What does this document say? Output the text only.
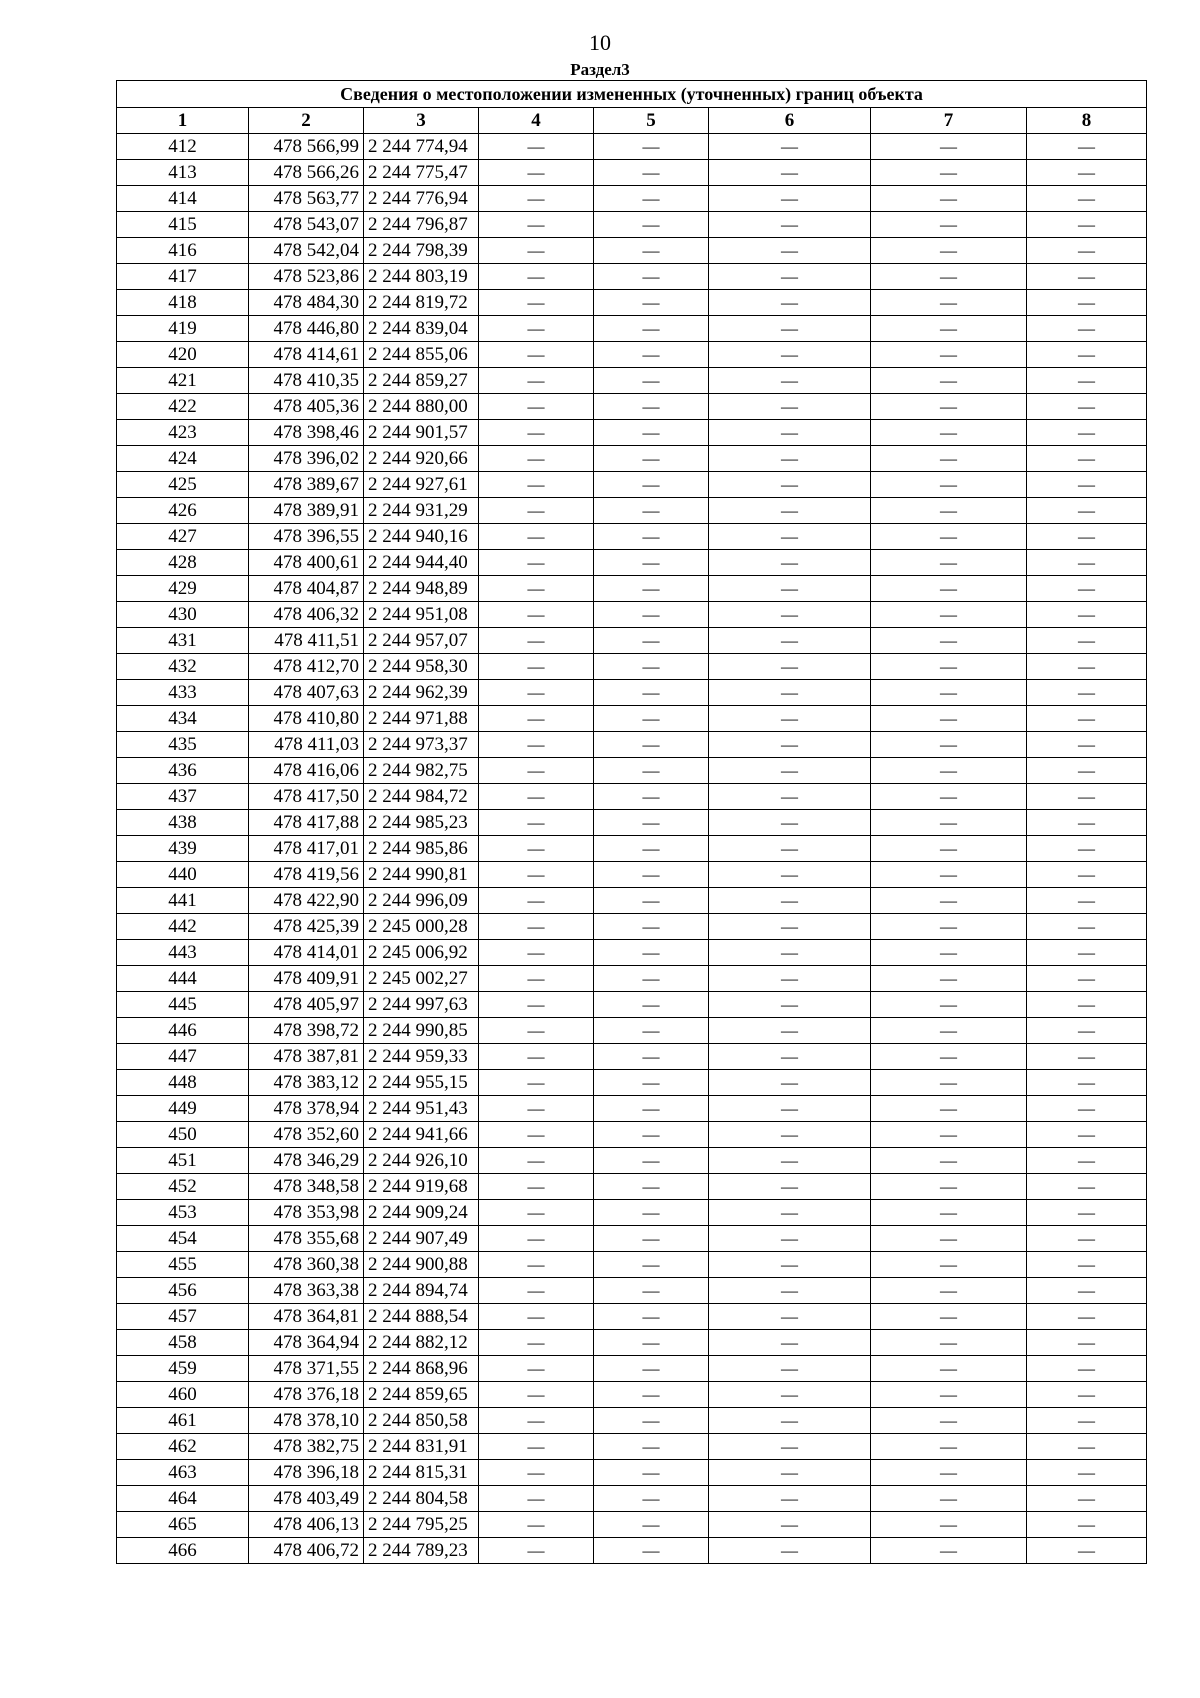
10
Раздел3
Сведения о местоположении измененных (уточненных) границ объекта							
1	2	3	4	5	6	7	8
412	478 566,99	2 244 774,94	—	—	—	—	—
413	478 566,26	2 244 775,47	—	—	—	—	—
414	478 563,77	2 244 776,94	—	—	—	—	—
415	478 543,07	2 244 796,87	—	—	—	—	—
416	478 542,04	2 244 798,39	—	—	—	—	—
417	478 523,86	2 244 803,19	—	—	—	—	—
418	478 484,30	2 244 819,72	—	—	—	—	—
419	478 446,80	2 244 839,04	—	—	—	—	—
420	478 414,61	2 244 855,06	—	—	—	—	—
421	478 410,35	2 244 859,27	—	—	—	—	—
422	478 405,36	2 244 880,00	—	—	—	—	—
423	478 398,46	2 244 901,57	—	—	—	—	—
424	478 396,02	2 244 920,66	—	—	—	—	—
425	478 389,67	2 244 927,61	—	—	—	—	—
426	478 389,91	2 244 931,29	—	—	—	—	—
427	478 396,55	2 244 940,16	—	—	—	—	—
428	478 400,61	2 244 944,40	—	—	—	—	—
429	478 404,87	2 244 948,89	—	—	—	—	—
430	478 406,32	2 244 951,08	—	—	—	—	—
431	478 411,51	2 244 957,07	—	—	—	—	—
432	478 412,70	2 244 958,30	—	—	—	—	—
433	478 407,63	2 244 962,39	—	—	—	—	—
434	478 410,80	2 244 971,88	—	—	—	—	—
435	478 411,03	2 244 973,37	—	—	—	—	—
436	478 416,06	2 244 982,75	—	—	—	—	—
437	478 417,50	2 244 984,72	—	—	—	—	—
438	478 417,88	2 244 985,23	—	—	—	—	—
439	478 417,01	2 244 985,86	—	—	—	—	—
440	478 419,56	2 244 990,81	—	—	—	—	—
441	478 422,90	2 244 996,09	—	—	—	—	—
442	478 425,39	2 245 000,28	—	—	—	—	—
443	478 414,01	2 245 006,92	—	—	—	—	—
444	478 409,91	2 245 002,27	—	—	—	—	—
445	478 405,97	2 244 997,63	—	—	—	—	—
446	478 398,72	2 244 990,85	—	—	—	—	—
447	478 387,81	2 244 959,33	—	—	—	—	—
448	478 383,12	2 244 955,15	—	—	—	—	—
449	478 378,94	2 244 951,43	—	—	—	—	—
450	478 352,60	2 244 941,66	—	—	—	—	—
451	478 346,29	2 244 926,10	—	—	—	—	—
452	478 348,58	2 244 919,68	—	—	—	—	—
453	478 353,98	2 244 909,24	—	—	—	—	—
454	478 355,68	2 244 907,49	—	—	—	—	—
455	478 360,38	2 244 900,88	—	—	—	—	—
456	478 363,38	2 244 894,74	—	—	—	—	—
457	478 364,81	2 244 888,54	—	—	—	—	—
458	478 364,94	2 244 882,12	—	—	—	—	—
459	478 371,55	2 244 868,96	—	—	—	—	—
460	478 376,18	2 244 859,65	—	—	—	—	—
461	478 378,10	2 244 850,58	—	—	—	—	—
462	478 382,75	2 244 831,91	—	—	—	—	—
463	478 396,18	2 244 815,31	—	—	—	—	—
464	478 403,49	2 244 804,58	—	—	—	—	—
465	478 406,13	2 244 795,25	—	—	—	—	—
466	478 406,72	2 244 789,23	—	—	—	—	—
